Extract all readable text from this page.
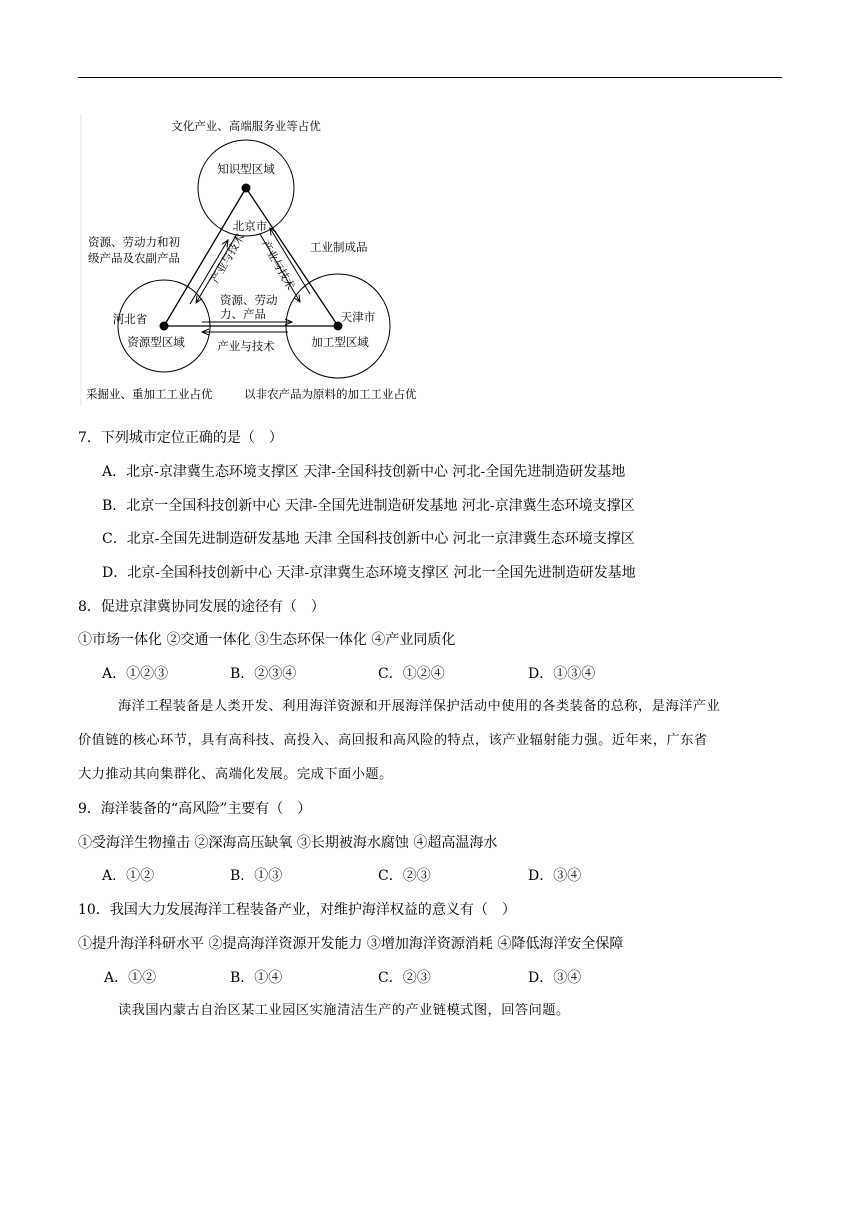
文化产业、高端服务业等占优
知识型区域
北京市
河北省
资源型区域
天津市
加工型区域
资源、劳动力和初
级产品及农副产品
工业制成品
产业与技术 产业与技术
资源、劳动
力、产品
产业与技术
采掘业、重加工工业占优	以非农产品为原料的加工工业占优
7．下列城市定位正确的是（　）
A．北京-京津冀生态环境支撑区 天津-全国科技创新中心 河北-全国先进制造研发基地
B．北京一全国科技创新中心 天津-全国先进制造研发基地 河北-京津冀生态环境支撑区
C．北京-全国先进制造研发基地 天津 全国科技创新中心 河北一京津冀生态环境支撑区
D．北京-全国科技创新中心 天津-京津冀生态环境支撑区 河北一全国先进制造研发基地
8．促进京津冀协同发展的途径有（　）
①市场一体化 ②交通一体化 ③生态环保一体化 ④产业同质化
A．①②③	B．②③④	C．①②④	D．①③④

海洋工程装备是人类开发、利用海洋资源和开展海洋保护活动中使用的各类装备的总称，是海洋产业

价值链的核心环节，具有高科技、高投入、高回报和高风险的特点，该产业辐射能力强。近年来，广东省

大力推动其向集群化、高端化发展。完成下面小题。

9．海洋装备的“高风险”主要有（　）
①受海洋生物撞击 ②深海高压缺氧 ③长期被海水腐蚀 ④超高温海水
A．①②	B．①③	C．②③	D．③④
10．我国大力发展海洋工程装备产业，对维护海洋权益的意义有（　）
①提升海洋科研水平 ②提高海洋资源开发能力 ③增加海洋资源消耗 ④降低海洋安全保障
A．①②	B．①④	C．②③	D．③④
读我国内蒙古自治区某工业园区实施清洁生产的产业链模式图，回答问题。
